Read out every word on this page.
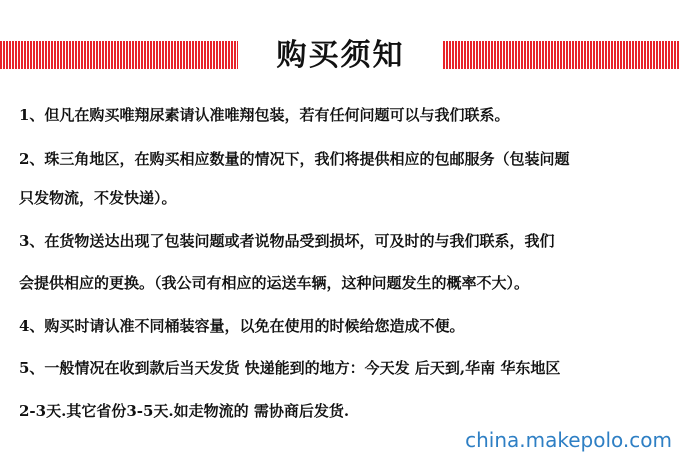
购买须知
1、但凡在购买唯翔尿素请认准唯翔包装，若有任何问题可以与我们联系。
2、珠三角地区，在购买相应数量的情况下，我们将提供相应的包邮服务（包装问题
只发物流，不发快递）。
3、在货物送达出现了包装问题或者说物品受到损坏，可及时的与我们联系，我们
会提供相应的更换。（我公司有相应的运送车辆，这种问题发生的概率不大）。
4、购买时请认准不同桶装容量，以免在使用的时候给您造成不便。
5、一般情况在收到款后当天发货 快递能到的地方：今天发 后天到,华南 华东地区
2-3天.其它省份3-5天.如走物流的 需协商后发货.
china.makepolo.com
